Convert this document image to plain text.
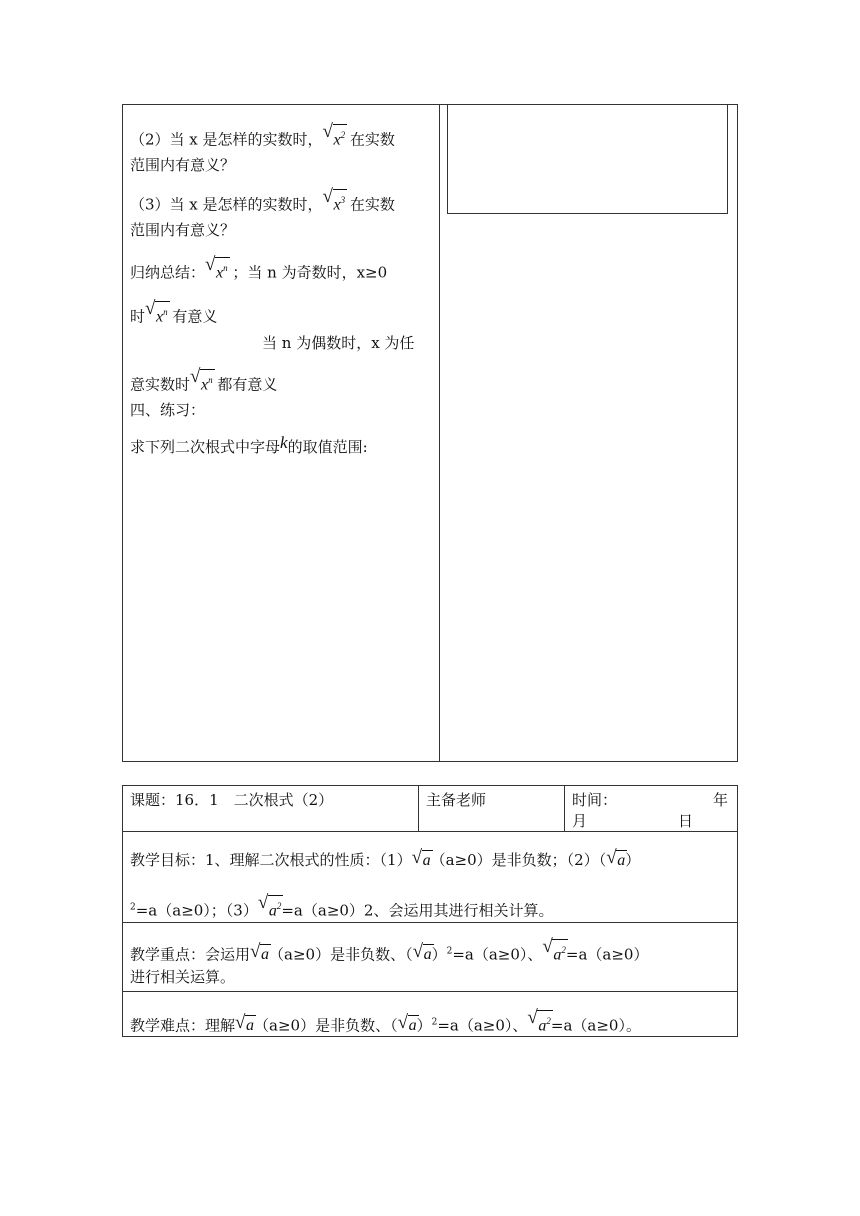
（2）当 x 是怎样的实数时， √ $x^2$ 在实数
范围内有意义？
（3）当 x 是怎样的实数时， √ $x^3$ 在实数
范围内有意义？
归纳总结： √ $x^n$ ；当 n 为奇数时，x≥0
时 √ $x^n$ 有意义
当 n 为偶数时，x 为任
意实数时 √ $x^n$ 都有意义
四、练习：
求下列二次根式中字母k的取值范围:
课题：16．1　二次根式（2）	主备老师	时间：	年
月	日
教学目标：1、理解二次根式的性质：（1） √ a（a≥0）是非负数；（2）（ √ a）
$^2$=a（a≥0）；（3） √ $a^2=a(a\ge 0)2$、会运用其进行相关计算。
教学重点：会运用 √ a（a≥0）是非负数、（ √ a）$^2$=a（a≥0）、 √ $a^2=a(a\ge 0)$
进行相关运算。
教学难点：理解 √ a（a≥0）是非负数、（ √ a）$^2$=a（a≥0）、 √ $a^2=a(a\ge 0)$。
